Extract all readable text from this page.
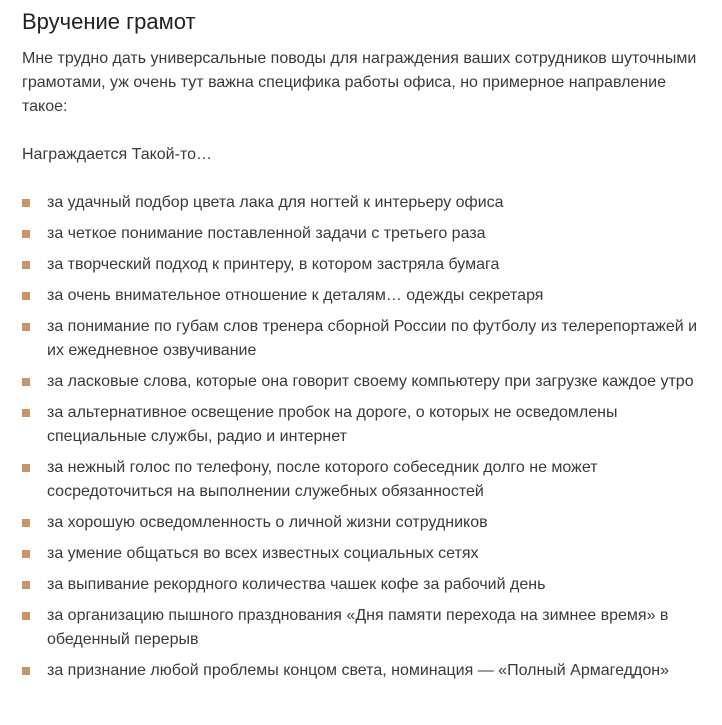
Вручение грамот

Мне трудно дать универсальные поводы для награждения ваших сотрудников шуточными грамотами, уж очень тут важна специфика работы офиса, но примерное направление такое:

Награждается Такой-то…

за удачный подбор цвета лака для ногтей к интерьеру офиса
за четкое понимание поставленной задачи с третьего раза
за творческий подход к принтеру, в котором застряла бумага
за очень внимательное отношение к деталям… одежды секретаря
за понимание по губам слов тренера сборной России по футболу из телерепортажей и их ежедневное озвучивание
за ласковые слова, которые она говорит своему компьютеру при загрузке каждое утро
за альтернативное освещение пробок на дороге, о которых не осведомлены специальные службы, радио и интернет
за нежный голос по телефону, после которого собеседник долго не может сосредоточиться на выполнении служебных обязанностей
за хорошую осведомленность о личной жизни сотрудников
за умение общаться во всех известных социальных сетях
за выпивание рекордного количества чашек кофе за рабочий день
за организацию пышного празднования «Дня памяти перехода на зимнее время» в обеденный перерыв
за признание любой проблемы концом света, номинация — «Полный Армагеддон»
